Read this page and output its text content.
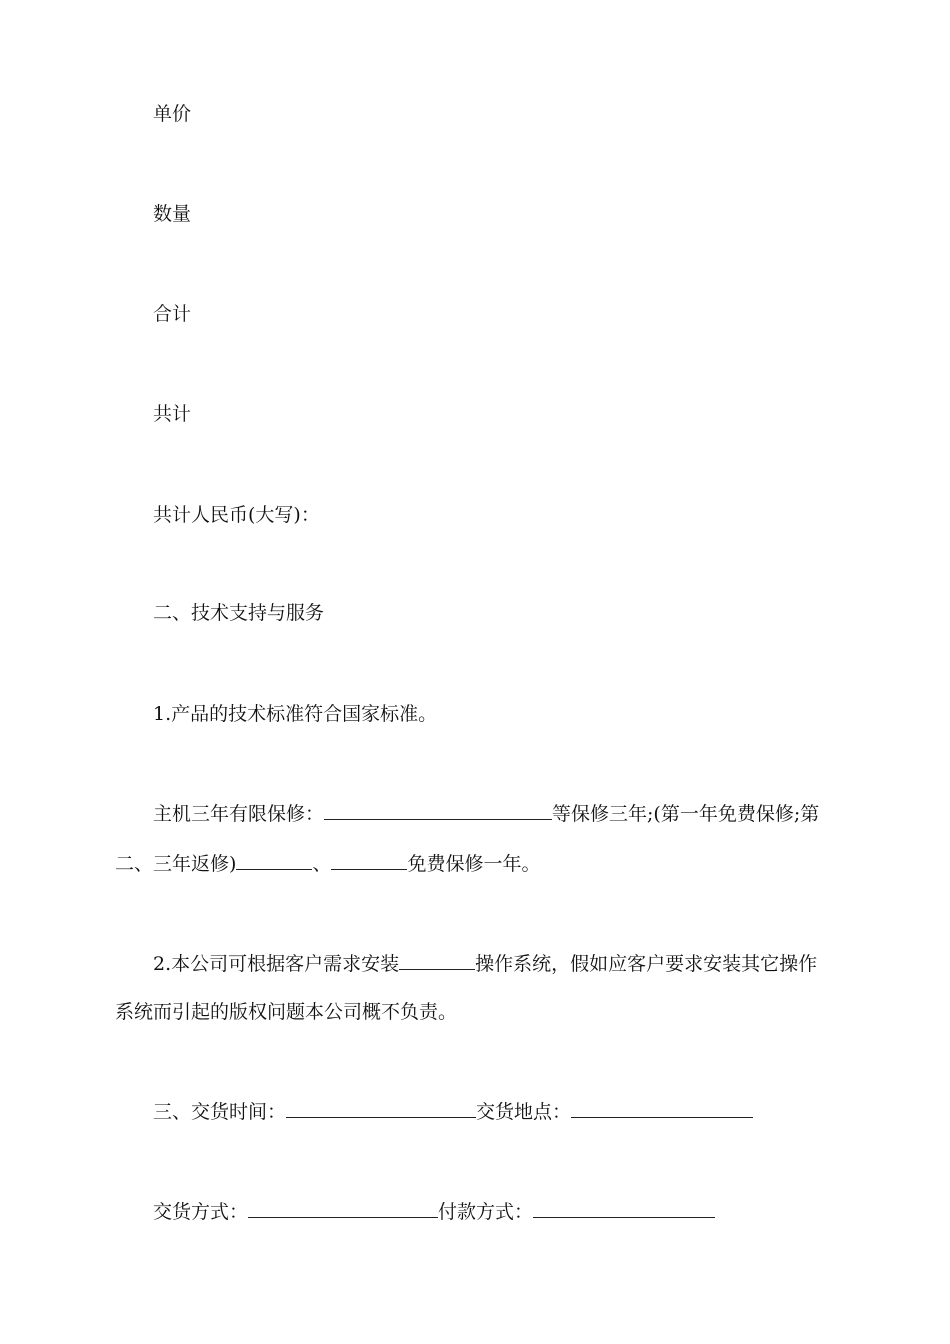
单价
数量
合计
共计
共计人民币(大写)：
二、技术支持与服务
1.产品的技术标准符合国家标准。
主机三年有限保修：	等保修三年;(第一年免费保修;第
二、三年返修)	、	免费保修一年。
2.本公司可根据客户需求安装	操作系统，假如应客户要求安装其它操作
系统而引起的版权问题本公司概不负责。
三、交货时间：	交货地点：
交货方式：	付款方式：
